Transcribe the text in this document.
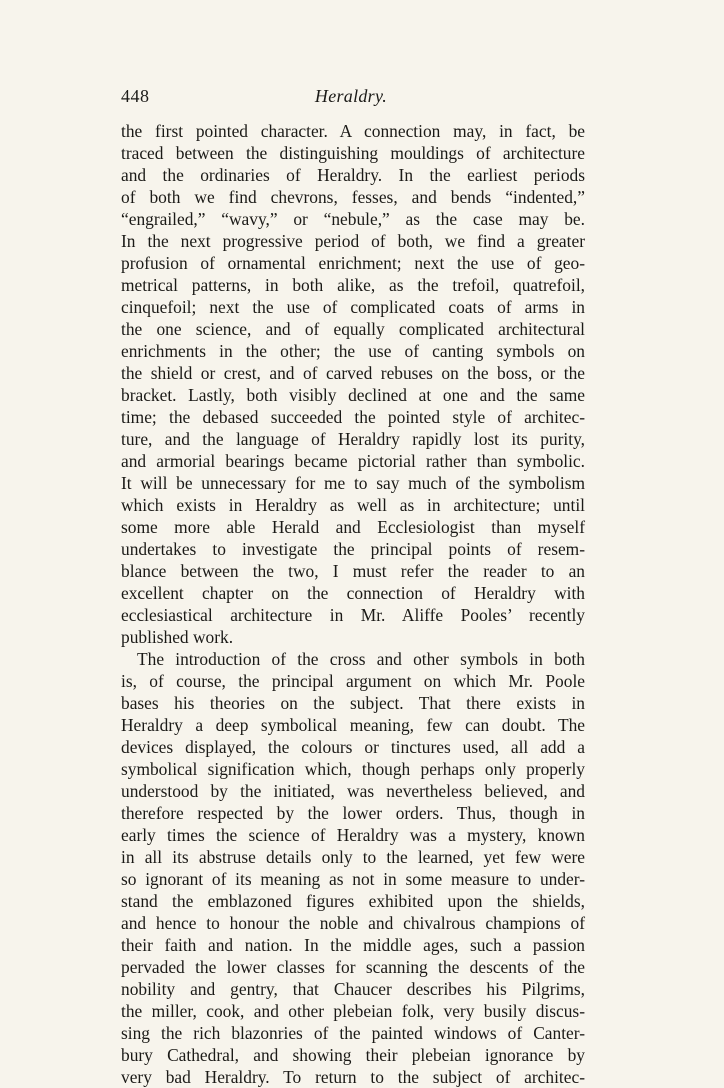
448	Heraldry.
the first pointed character. A connection may, in fact, be
traced between the distinguishing mouldings of architecture
and the ordinaries of Heraldry. In the earliest periods
of both we find chevrons, fesses, and bends “indented,”
“engrailed,” “wavy,” or “nebule,” as the case may be.
In the next progressive period of both, we find a greater
profusion of ornamental enrichment; next the use of geo-
metrical patterns, in both alike, as the trefoil, quatrefoil,
cinquefoil; next the use of complicated coats of arms in
the one science, and of equally complicated architectural
enrichments in the other; the use of canting symbols on
the shield or crest, and of carved rebuses on the boss, or the
bracket. Lastly, both visibly declined at one and the same
time; the debased succeeded the pointed style of architec-
ture, and the language of Heraldry rapidly lost its purity,
and armorial bearings became pictorial rather than symbolic.
It will be unnecessary for me to say much of the symbolism
which exists in Heraldry as well as in architecture; until
some more able Herald and Ecclesiologist than myself
undertakes to investigate the principal points of resem-
blance between the two, I must refer the reader to an
excellent chapter on the connection of Heraldry with
ecclesiastical architecture in Mr. Aliffe Pooles’ recently
published work.
The introduction of the cross and other symbols in both
is, of course, the principal argument on which Mr. Poole
bases his theories on the subject. That there exists in
Heraldry a deep symbolical meaning, few can doubt. The
devices displayed, the colours or tinctures used, all add a
symbolical signification which, though perhaps only properly
understood by the initiated, was nevertheless believed, and
therefore respected by the lower orders. Thus, though in
early times the science of Heraldry was a mystery, known
in all its abstruse details only to the learned, yet few were
so ignorant of its meaning as not in some measure to under-
stand the emblazoned figures exhibited upon the shields,
and hence to honour the noble and chivalrous champions of
their faith and nation. In the middle ages, such a passion
pervaded the lower classes for scanning the descents of the
nobility and gentry, that Chaucer describes his Pilgrims,
the miller, cook, and other plebeian folk, very busily discus-
sing the rich blazonries of the painted windows of Canter-
bury Cathedral, and showing their plebeian ignorance by
very bad Heraldry. To return to the subject of architec-
